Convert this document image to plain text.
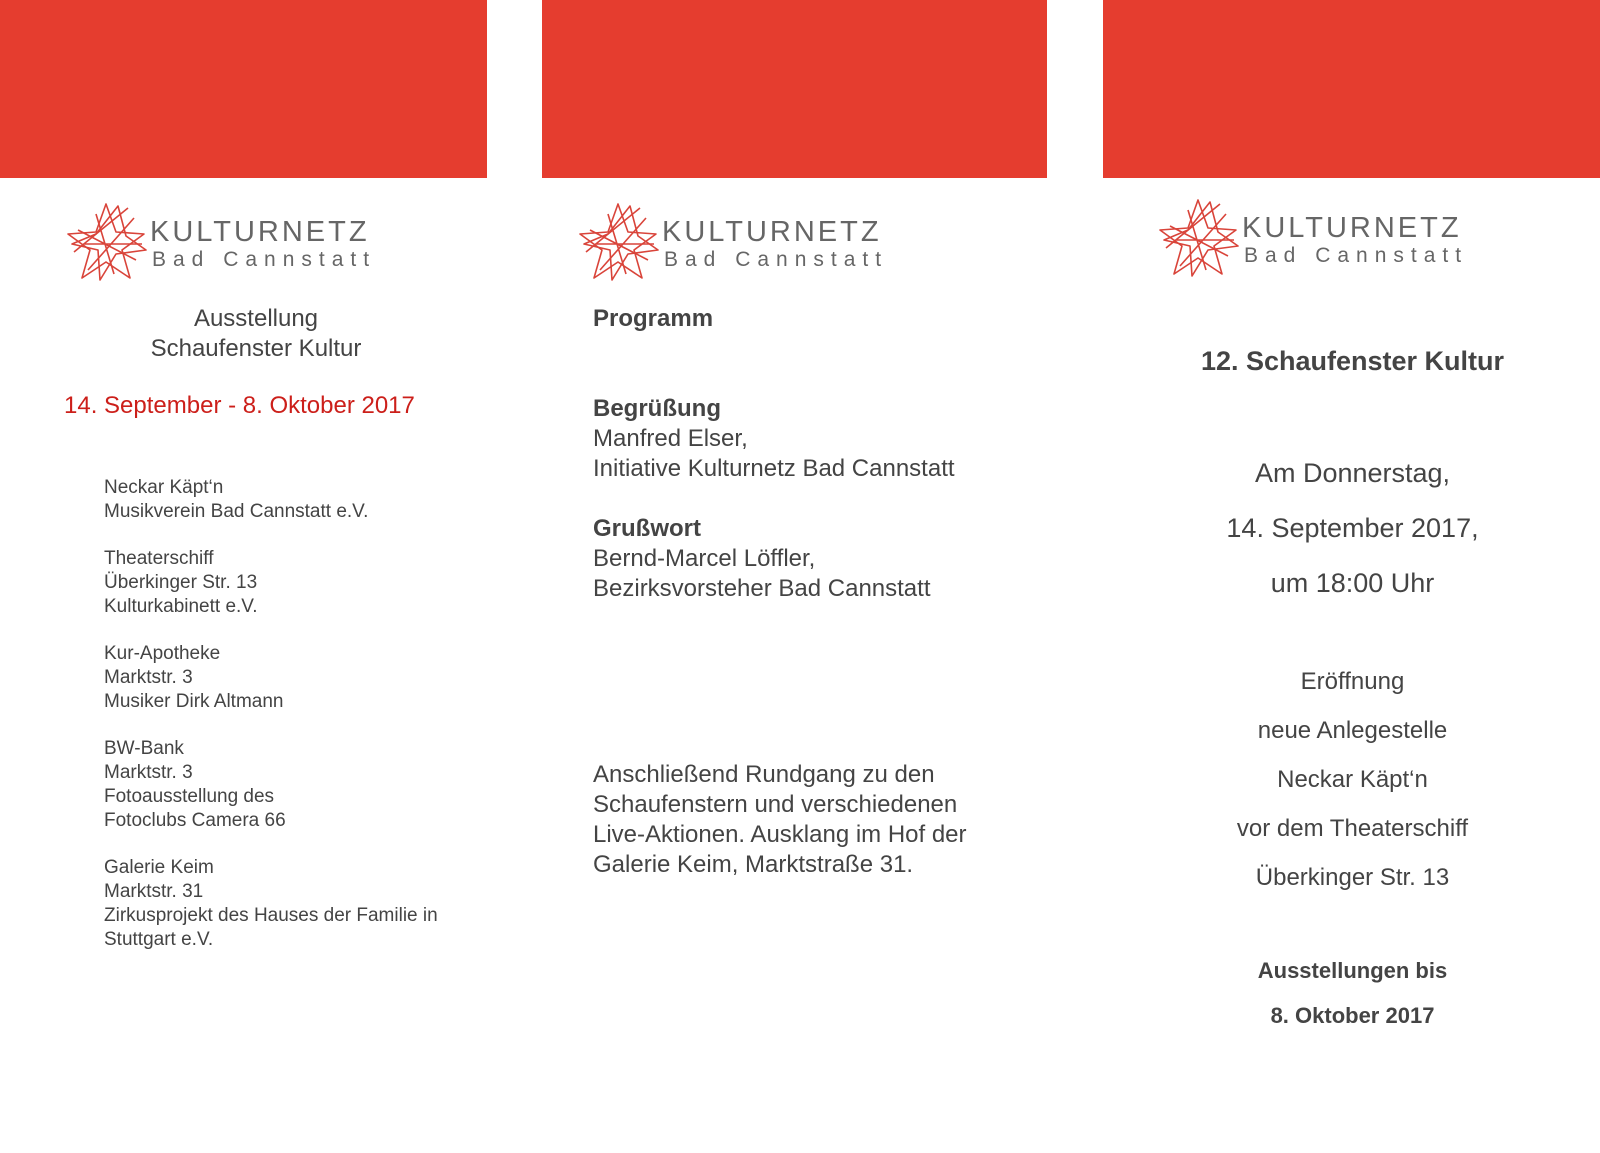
KULTURNETZ
Bad Cannstatt
KULTURNETZ
Bad Cannstatt
KULTURNETZ
Bad Cannstatt
Ausstellung
Schaufenster Kultur
14. September - 8. Oktober 2017
Neckar Käpt‘n
Musikverein Bad Cannstatt e.V.
Theaterschiff
Überkinger Str. 13
Kulturkabinett e.V.
Kur-Apotheke
Marktstr. 3
Musiker Dirk Altmann
BW-Bank
Marktstr. 3
Fotoausstellung des
Fotoclubs Camera 66
Galerie Keim
Marktstr. 31
Zirkusprojekt des Hauses der Familie in
Stuttgart e.V.
Programm
Begrüßung
Manfred Elser,
Initiative Kulturnetz Bad Cannstatt
Grußwort
Bernd-Marcel Löffler,
Bezirksvorsteher Bad Cannstatt
Anschließend Rundgang zu den
Schaufenstern und verschiedenen
Live-Aktionen. Ausklang im Hof der
Galerie Keim, Marktstraße 31.
12. Schaufenster Kultur
Am Donnerstag,
14. September 2017,
um 18:00 Uhr
Eröffnung
neue Anlegestelle
Neckar Käpt‘n
vor dem Theaterschiff
Überkinger Str. 13
Ausstellungen bis
8. Oktober 2017
